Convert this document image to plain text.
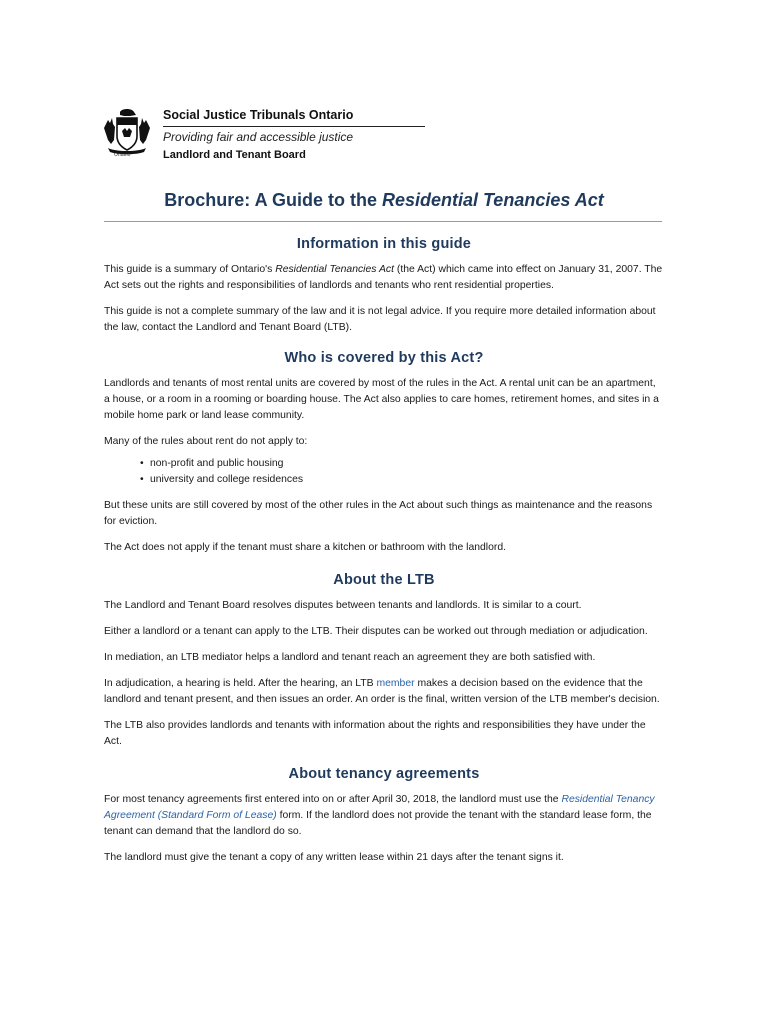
Ontario
Social Justice Tribunals Ontario
Providing fair and accessible justice
Landlord and Tenant Board
Brochure: A Guide to the Residential Tenancies Act
Information in this guide

This guide is a summary of Ontario's Residential Tenancies Act (the Act) which came into effect on January 31, 2007. The Act sets out the rights and responsibilities of landlords and tenants who rent residential properties.

This guide is not a complete summary of the law and it is not legal advice. If you require more detailed information about the law, contact the Landlord and Tenant Board (LTB).

Who is covered by this Act?

Landlords and tenants of most rental units are covered by most of the rules in the Act. A rental unit can be an apartment, a house, or a room in a rooming or boarding house. The Act also applies to care homes, retirement homes, and sites in a mobile home park or land lease community.

Many of the rules about rent do not apply to:

• non-profit and public housing
• university and college residences

But these units are still covered by most of the other rules in the Act about such things as maintenance and the reasons for eviction.

The Act does not apply if the tenant must share a kitchen or bathroom with the landlord.

About the LTB

The Landlord and Tenant Board resolves disputes between tenants and landlords. It is similar to a court.

Either a landlord or a tenant can apply to the LTB. Their disputes can be worked out through mediation or adjudication.

In mediation, an LTB mediator helps a landlord and tenant reach an agreement they are both satisfied with.

In adjudication, a hearing is held. After the hearing, an LTB member makes a decision based on the evidence that the landlord and tenant present, and then issues an order. An order is the final, written version of the LTB member's decision.

The LTB also provides landlords and tenants with information about the rights and responsibilities they have under the Act.

About tenancy agreements

For most tenancy agreements first entered into on or after April 30, 2018, the landlord must use the Residential Tenancy Agreement (Standard Form of Lease) form. If the landlord does not provide the tenant with the standard lease form, the tenant can demand that the landlord do so.

The landlord must give the tenant a copy of any written lease within 21 days after the tenant signs it.
